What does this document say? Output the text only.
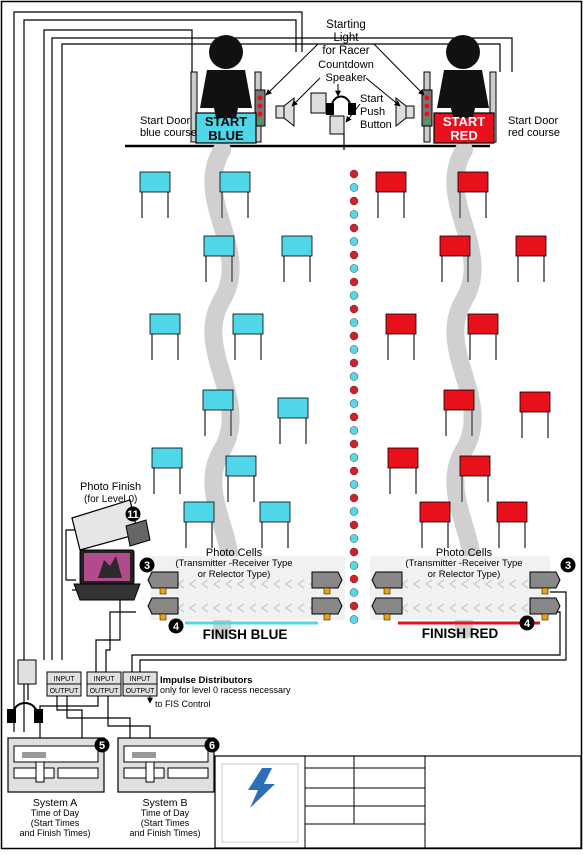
3	3
4	4
5	6
11
Starting
Light
for Racer
Countdown
Speaker
Start
Push
Button
Start Door
blue course
Start Door
red course
START
BLUE
START
RED
Photo Finish
(for Level 0)
Photo Cells
(Transmitter -Receiver Type
or Relector Type)
Photo Cells
(Transmitter -Receiver Type
or Relector Type)
FINISH BLUE	FINISH RED
INPUT
OUTPUT
INPUT
OUTPUT
INPUT
OUTPUT
Impulse Distributors
only for level 0 racess necessary
to FIS Control
System A
Time of Day
(Start Times
and Finish Times)
System B
Time of Day
(Start Times
and Finish Times)
